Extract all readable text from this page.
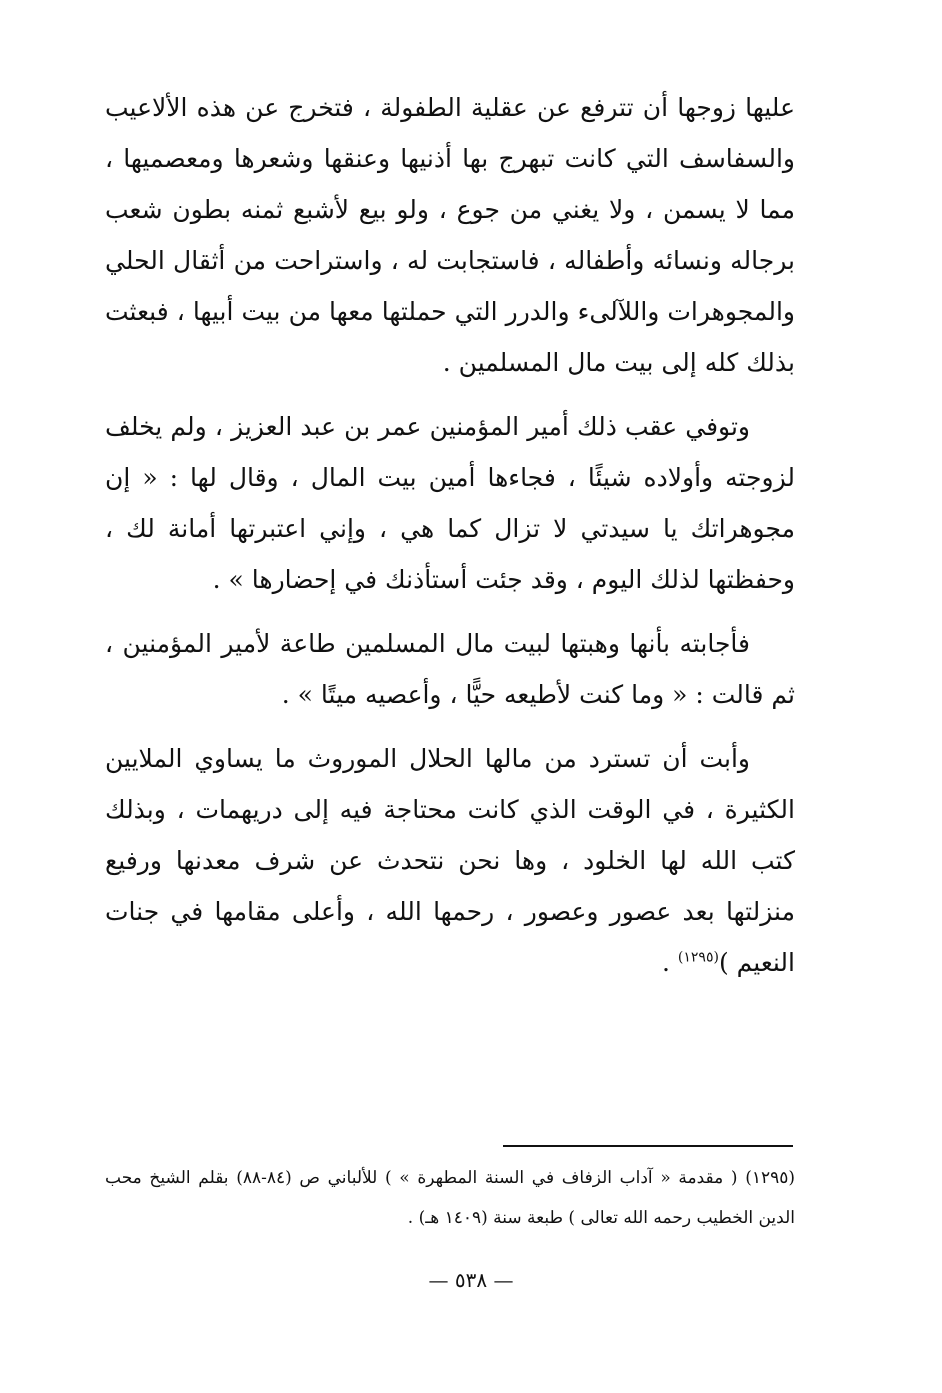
عليها زوجها أن تترفع عن عقلية الطفولة ، فتخرج عن هذه الألاعيب والسفاسف التي كانت تبهرج بها أذنيها وعنقها وشعرها ومعصميها ، مما لا يسمن ، ولا يغني من جوع ، ولو بيع لأشبع ثمنه بطون شعب برجاله ونسائه وأطفاله ، فاستجابت له ، واستراحت من أثقال الحلي والمجوهرات واللآلىء والدرر التي حملتها معها من بيت أبيها ، فبعثت بذلك كله إلى بيت مال المسلمين .

وتوفي عقب ذلك أمير المؤمنين عمر بن عبد العزيز ، ولم يخلف لزوجته وأولاده شيئًا ، فجاءها أمين بيت المال ، وقال لها : « إن مجوهراتك يا سيدتي لا تزال كما هي ، وإني اعتبرتها أمانة لك ، وحفظتها لذلك اليوم ، وقد جئت أستأذنك في إحضارها » .

فأجابته بأنها وهبتها لبيت مال المسلمين طاعة لأمير المؤمنين ، ثم قالت : « وما كنت لأطيعه حيًّا ، وأعصيه ميتًا » .

وأبت أن تسترد من مالها الحلال الموروث ما يساوي الملايين الكثيرة ، في الوقت الذي كانت محتاجة فيه إلى دريهمات ، وبذلك كتب الله لها الخلود ، وها نحن نتحدث عن شرف معدنها ورفيع منزلتها بعد عصور وعصور ، رحمها الله ، وأعلى مقامها في جنات النعيم )$^{(١٢٩٥)}$ .

(١٢٩٥) ( مقدمة « آداب الزفاف في السنة المطهرة » ) للألباني ص (٨٤-٨٨) بقلم الشيخ محب الدين الخطيب رحمه الله تعالى ) طبعة سنة (١٤٠٩ هـ) .

— ٥٣٨ —
